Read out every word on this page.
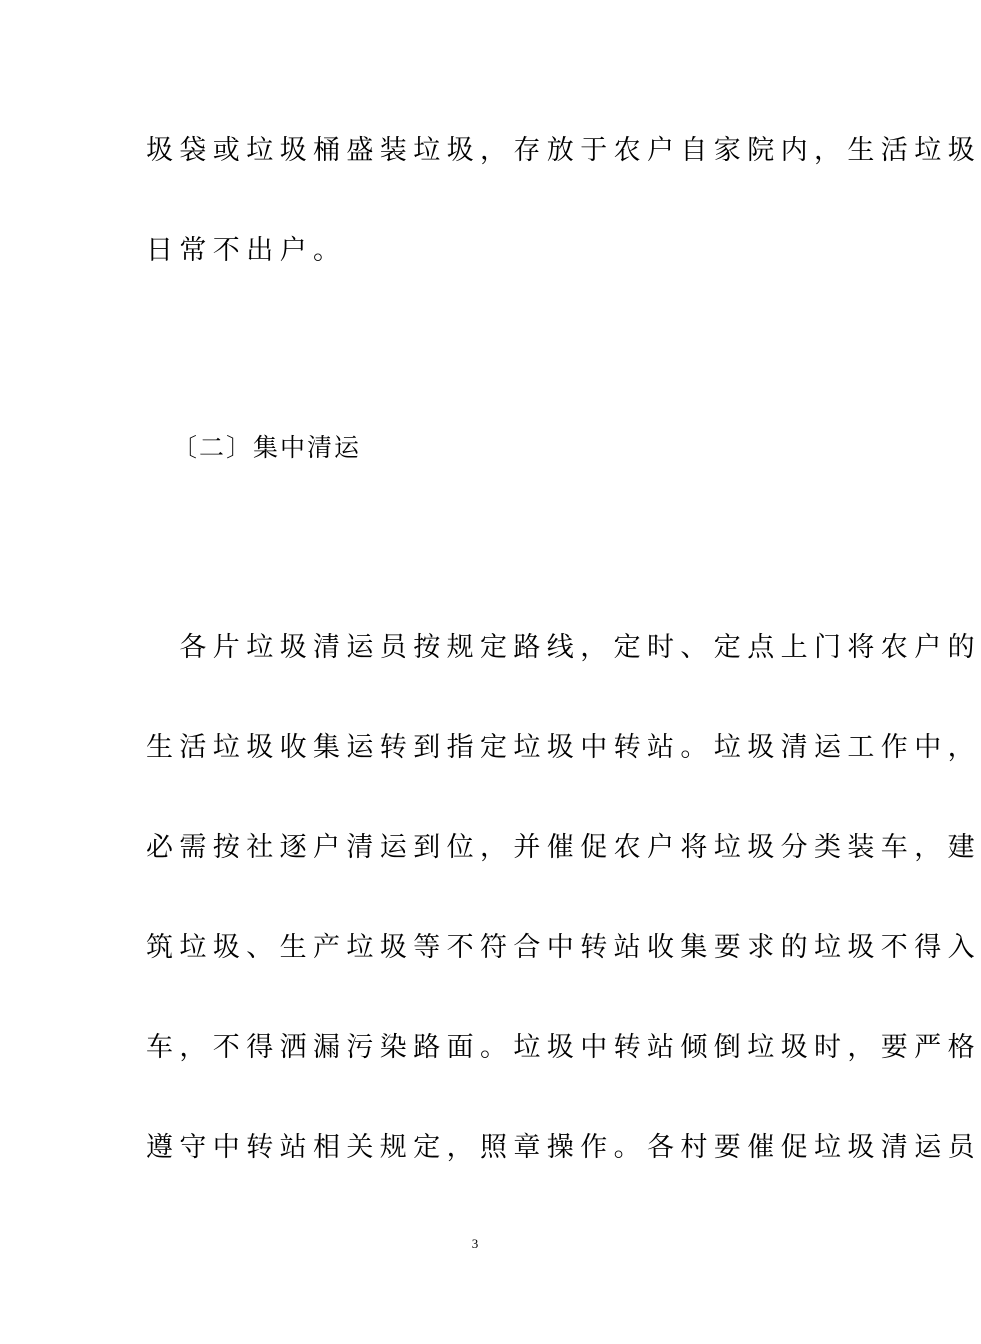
圾袋或垃圾桶盛装垃圾，存放于农户自家院内，生活垃圾
日常不出户。
〔二〕集中清运
　各片垃圾清运员按规定路线，定时、定点上门将农户的
生活垃圾收集运转到指定垃圾中转站。垃圾清运工作中，
必需按社逐户清运到位，并催促农户将垃圾分类装车，建
筑垃圾、生产垃圾等不符合中转站收集要求的垃圾不得入
车，不得洒漏污染路面。垃圾中转站倾倒垃圾时，要严格
遵守中转站相关规定，照章操作。各村要催促垃圾清运员
3
